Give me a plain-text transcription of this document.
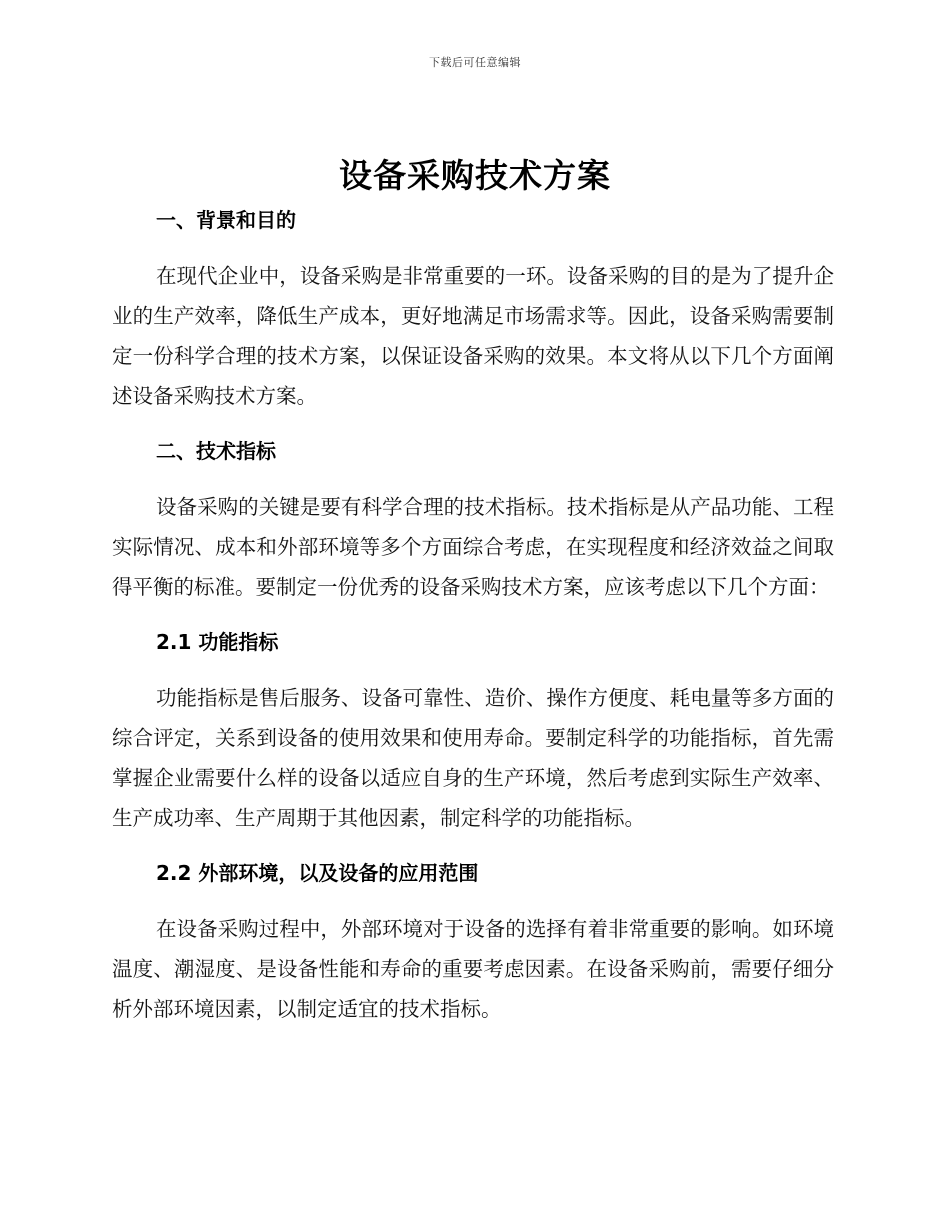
下载后可任意编辑
设备采购技术方案
一、背景和目的

在现代企业中，设备采购是非常重要的一环。设备采购的目的是为了提升企业的生产效率，降低生产成本，更好地满足市场需求等。因此，设备采购需要制定一份科学合理的技术方案，以保证设备采购的效果。本文将从以下几个方面阐述设备采购技术方案。

二、技术指标

设备采购的关键是要有科学合理的技术指标。技术指标是从产品功能、工程实际情况、成本和外部环境等多个方面综合考虑，在实现程度和经济效益之间取得平衡的标准。要制定一份优秀的设备采购技术方案，应该考虑以下几个方面：

2.1 功能指标

功能指标是售后服务、设备可靠性、造价、操作方便度、耗电量等多方面的综合评定，关系到设备的使用效果和使用寿命。要制定科学的功能指标，首先需掌握企业需要什么样的设备以适应自身的生产环境，然后考虑到实际生产效率、生产成功率、生产周期于其他因素，制定科学的功能指标。

2.2 外部环境，以及设备的应用范围

在设备采购过程中，外部环境对于设备的选择有着非常重要的影响。如环境温度、潮湿度、是设备性能和寿命的重要考虑因素。在设备采购前，需要仔细分析外部环境因素，以制定适宜的技术指标。
